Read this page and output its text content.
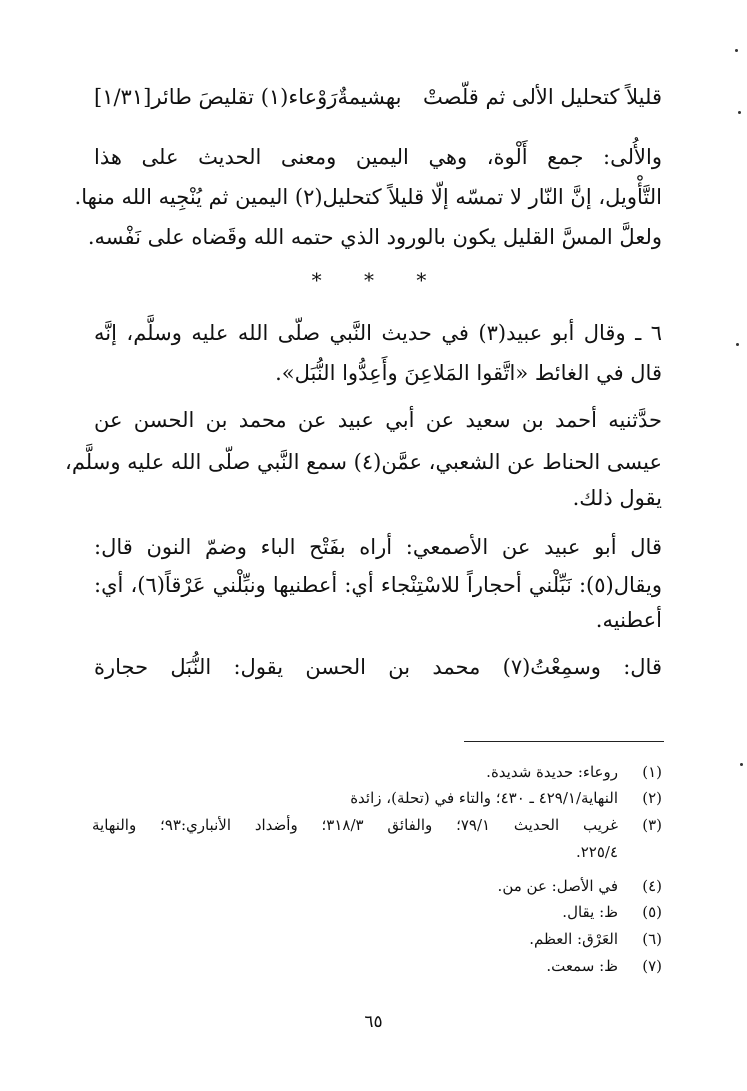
قليلاً كتحليل الألى ثم قلّصتْ
بهشيمةٌرَوْعاء(١) تقليصَ طائر[١/٣١]
والأُلى: جمع أَلْوة، وهي اليمين ومعنى الحديث على هذا
التَّأْويل، إنَّ النّار لا تمسّه إلّا قليلاً كتحليل(٢) اليمين ثم يُنْجِيه الله منها.
ولعلَّ المسَّ القليل يكون بالورود الذي حتمه الله وقَضاه على نَفْسه.
* * *
٦ ـ وقال أبو عبيد(٣) في حديث النَّبي صلّى الله عليه وسلَّم، إنَّه
قال في الغائط «اتَّقوا المَلاعِنَ وأَعِدُّوا النُّبَل».
حدَّثنيه أحمد بن سعيد عن أبي عبيد عن محمد بن الحسن عن
عيسى الحناط عن الشعبي، عمَّن(٤) سمع النَّبي صلّى الله عليه وسلَّم،
يقول ذلك.
قال أبو عبيد عن الأصمعي: أراه بفَتْح الباء وضمّ النون قال:
ويقال(٥): نَبِّلْني أحجاراً للاسْتِنْجاء أي: أعطنيها ونبِّلْني عَرْقاً(٦)، أي:
أعطنيه.
قال: وسمِعْتُ(٧) محمد بن الحسن يقول: النُّبَل حجارة
(١)
روعاء: حديدة شديدة.
(٢)
النهاية/٤٢٩/١ ـ ٤٣٠؛ والتاء في (تحلة)، زائدة
(٣)
غريب الحديث ٧٩/١؛ والفائق ٣١٨/٣؛ وأضداد الأنباري:٩٣؛ والنهاية
٢٢٥/٤.
(٤)
في الأصل: عن من.
(٥)
ظ: يقال.
(٦)
العَرْق: العظم.
(٧)
ظ: سمعت.
٦٥
